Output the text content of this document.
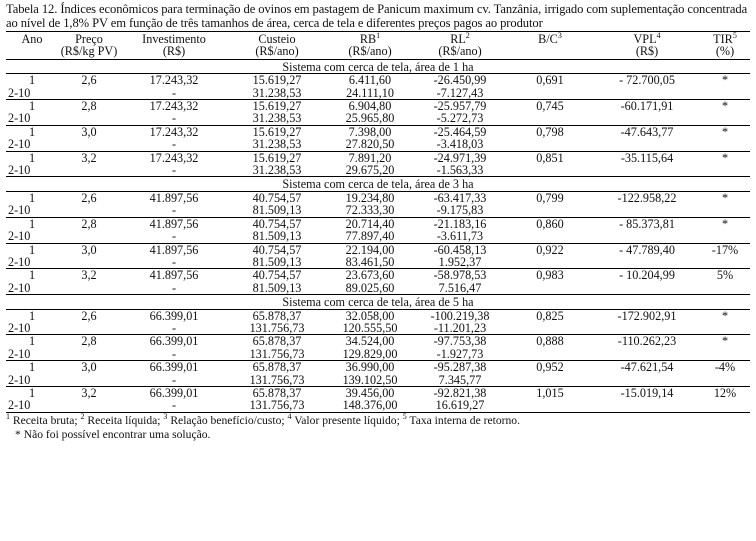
Tabela 12. Índices econômicos para terminação de ovinos em pastagem de Panicum maximum cv. Tanzânia, irrigado com suplementação concentrada ao nível de 1,8% PV em função de três tamanhos de área, cerca de tela e diferentes preços pagos ao produtor

Ano	Preço	Investimento	Custeio	$RB^1$	$RL^2$	$B/C^3$	VPL$^4$	TIR$^5$
	(R$/kg PV)	(R$)	(R$/ano)	(R$/ano)	(R$/ano)		(R$)	(%)
Sistema com cerca de tela, área de 1 ha								
1	2,6	17.243,32	15.619,27	6.411,60	-26.450,99	0,691	- 72.700,05	*
2-10		-	31.238,53	24.111,10	-7.127,43			
1	2,8	17.243,32	15.619,27	6.904,80	-25.957,79	0,745	-60.171,91	*
2-10		-	31.238,53	25.965,80	-5.272,73			
1	3,0	17.243,32	15.619,27	7.398,00	-25.464,59	0,798	-47.643,77	*
2-10		-	31.238,53	27.820,50	-3.418,03			
1	3,2	17.243,32	15.619,27	7.891,20	-24.971,39	0,851	-35.115,64	*
2-10		-	31.238,53	29.675,20	-1.563,33			
Sistema com cerca de tela, área de 3 ha								
1	2,6	41.897,56	40.754,57	19.234,80	-63.417,33	0,799	-122.958,22	*
2-10		-	81.509,13	72.333,30	-9.175,83			
1	2,8	41.897,56	40.754,57	20.714,40	-21.183,16	0,860	- 85.373,81	*
2-10		-	81.509,13	77.897,40	-3.611,73			
1	3,0	41.897,56	40.754,57	22.194,00	-60.458,13	0,922	- 47.789,40	-17%
2-10		-	81.509,13	83.461,50	1.952,37			
1	3,2	41.897,56	40.754,57	23.673,60	-58.978,53	0,983	- 10.204,99	5%
2-10		-	81.509,13	89.025,60	7.516,47			
Sistema com cerca de tela, área de 5 ha								
1	2,6	66.399,01	65.878,37	32.058,00	-100.219,38	0,825	-172.902,91	*
2-10		-	131.756,73	120.555,50	-11.201,23			
1	2,8	66.399,01	65.878,37	34.524,00	-97.753,38	0,888	-110.262,23	*
2-10		-	131.756,73	129.829,00	-1.927,73			
1	3,0	66.399,01	65.878,37	36.990,00	-95.287,38	0,952	-47.621,54	-4%
2-10		-	131.756,73	139.102,50	7.345,77			
1	3,2	66.399,01	65.878,37	39.456,00	-92.821,38	1,015	-15.019,14	12%
2-10		-	131.756,73	148.376,00	16.619,27			
$^1$ Receita bruta; $^2$ Receita líquida; $^3$ Relação benefício/custo; $^4$ Valor presente líquido; $^5$ Taxa interna de retorno.
* Não foi possível encontrar uma solução.
